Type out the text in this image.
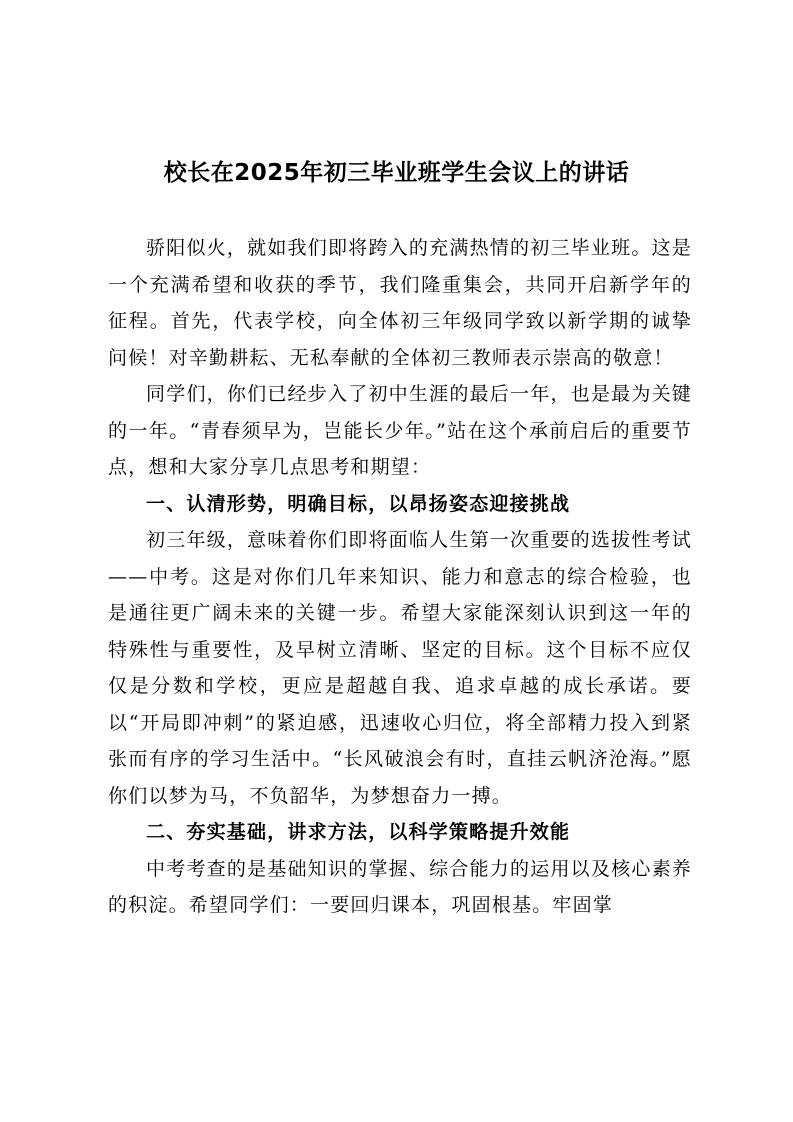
校长在2025年初三毕业班学生会议上的讲话

骄阳似火，就如我们即将跨入的充满热情的初三毕业班。这是一个充满希望和收获的季节，我们隆重集会，共同开启新学年的征程。首先，代表学校，向全体初三年级同学致以新学期的诚挚问候！对辛勤耕耘、无私奉献的全体初三教师表示崇高的敬意！

同学们，你们已经步入了初中生涯的最后一年，也是最为关键的一年。“青春须早为，岂能长少年。”站在这个承前启后的重要节点，想和大家分享几点思考和期望：

一、认清形势，明确目标，以昂扬姿态迎接挑战

初三年级，意味着你们即将面临人生第一次重要的选拔性考试——中考。这是对你们几年来知识、能力和意志的综合检验，也是通往更广阔未来的关键一步。希望大家能深刻认识到这一年的特殊性与重要性，及早树立清晰、坚定的目标。这个目标不应仅仅是分数和学校，更应是超越自我、追求卓越的成长承诺。要以“开局即冲刺”的紧迫感，迅速收心归位，将全部精力投入到紧张而有序的学习生活中。“长风破浪会有时，直挂云帆济沧海。”愿你们以梦为马，不负韶华，为梦想奋力一搏。

二、夯实基础，讲求方法，以科学策略提升效能

中考考查的是基础知识的掌握、综合能力的运用以及核心素养的积淀。希望同学们：一要回归课本，巩固根基。牢固掌
